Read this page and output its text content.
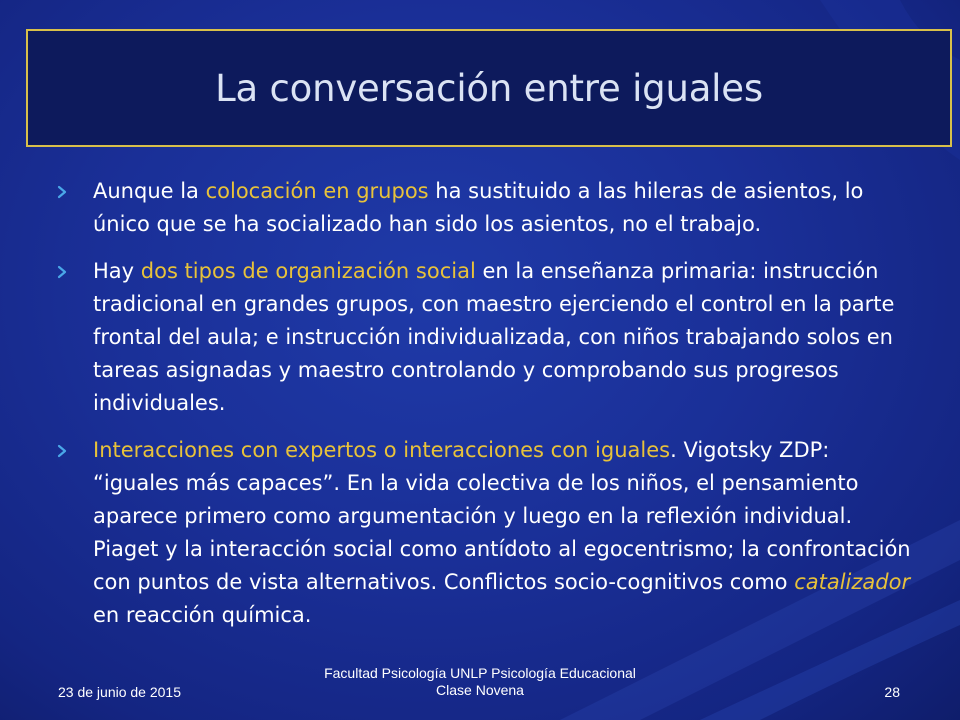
La conversación entre iguales
Aunque la colocación en grupos ha sustituido a las hileras de asientos, lo único que se ha socializado han sido los asientos, no el trabajo.
Hay dos tipos de organización social en la enseñanza primaria: instrucción tradicional en grandes grupos, con maestro ejerciendo el control en la parte frontal del aula; e instrucción individualizada, con niños trabajando solos en tareas asignadas y maestro controlando y comprobando sus progresos individuales.
Interacciones con expertos o interacciones con iguales. Vigotsky ZDP: “iguales más capaces”. En la vida colectiva de los niños, el pensamiento aparece primero como argumentación y luego en la reflexión individual. Piaget y la interacción social como antídoto al egocentrismo; la confrontación con puntos de vista alternativos. Conflictos socio-cognitivos como catalizador en reacción química.
23 de junio de 2015
Facultad Psicología UNLP Psicología Educacional
Clase Novena	28
